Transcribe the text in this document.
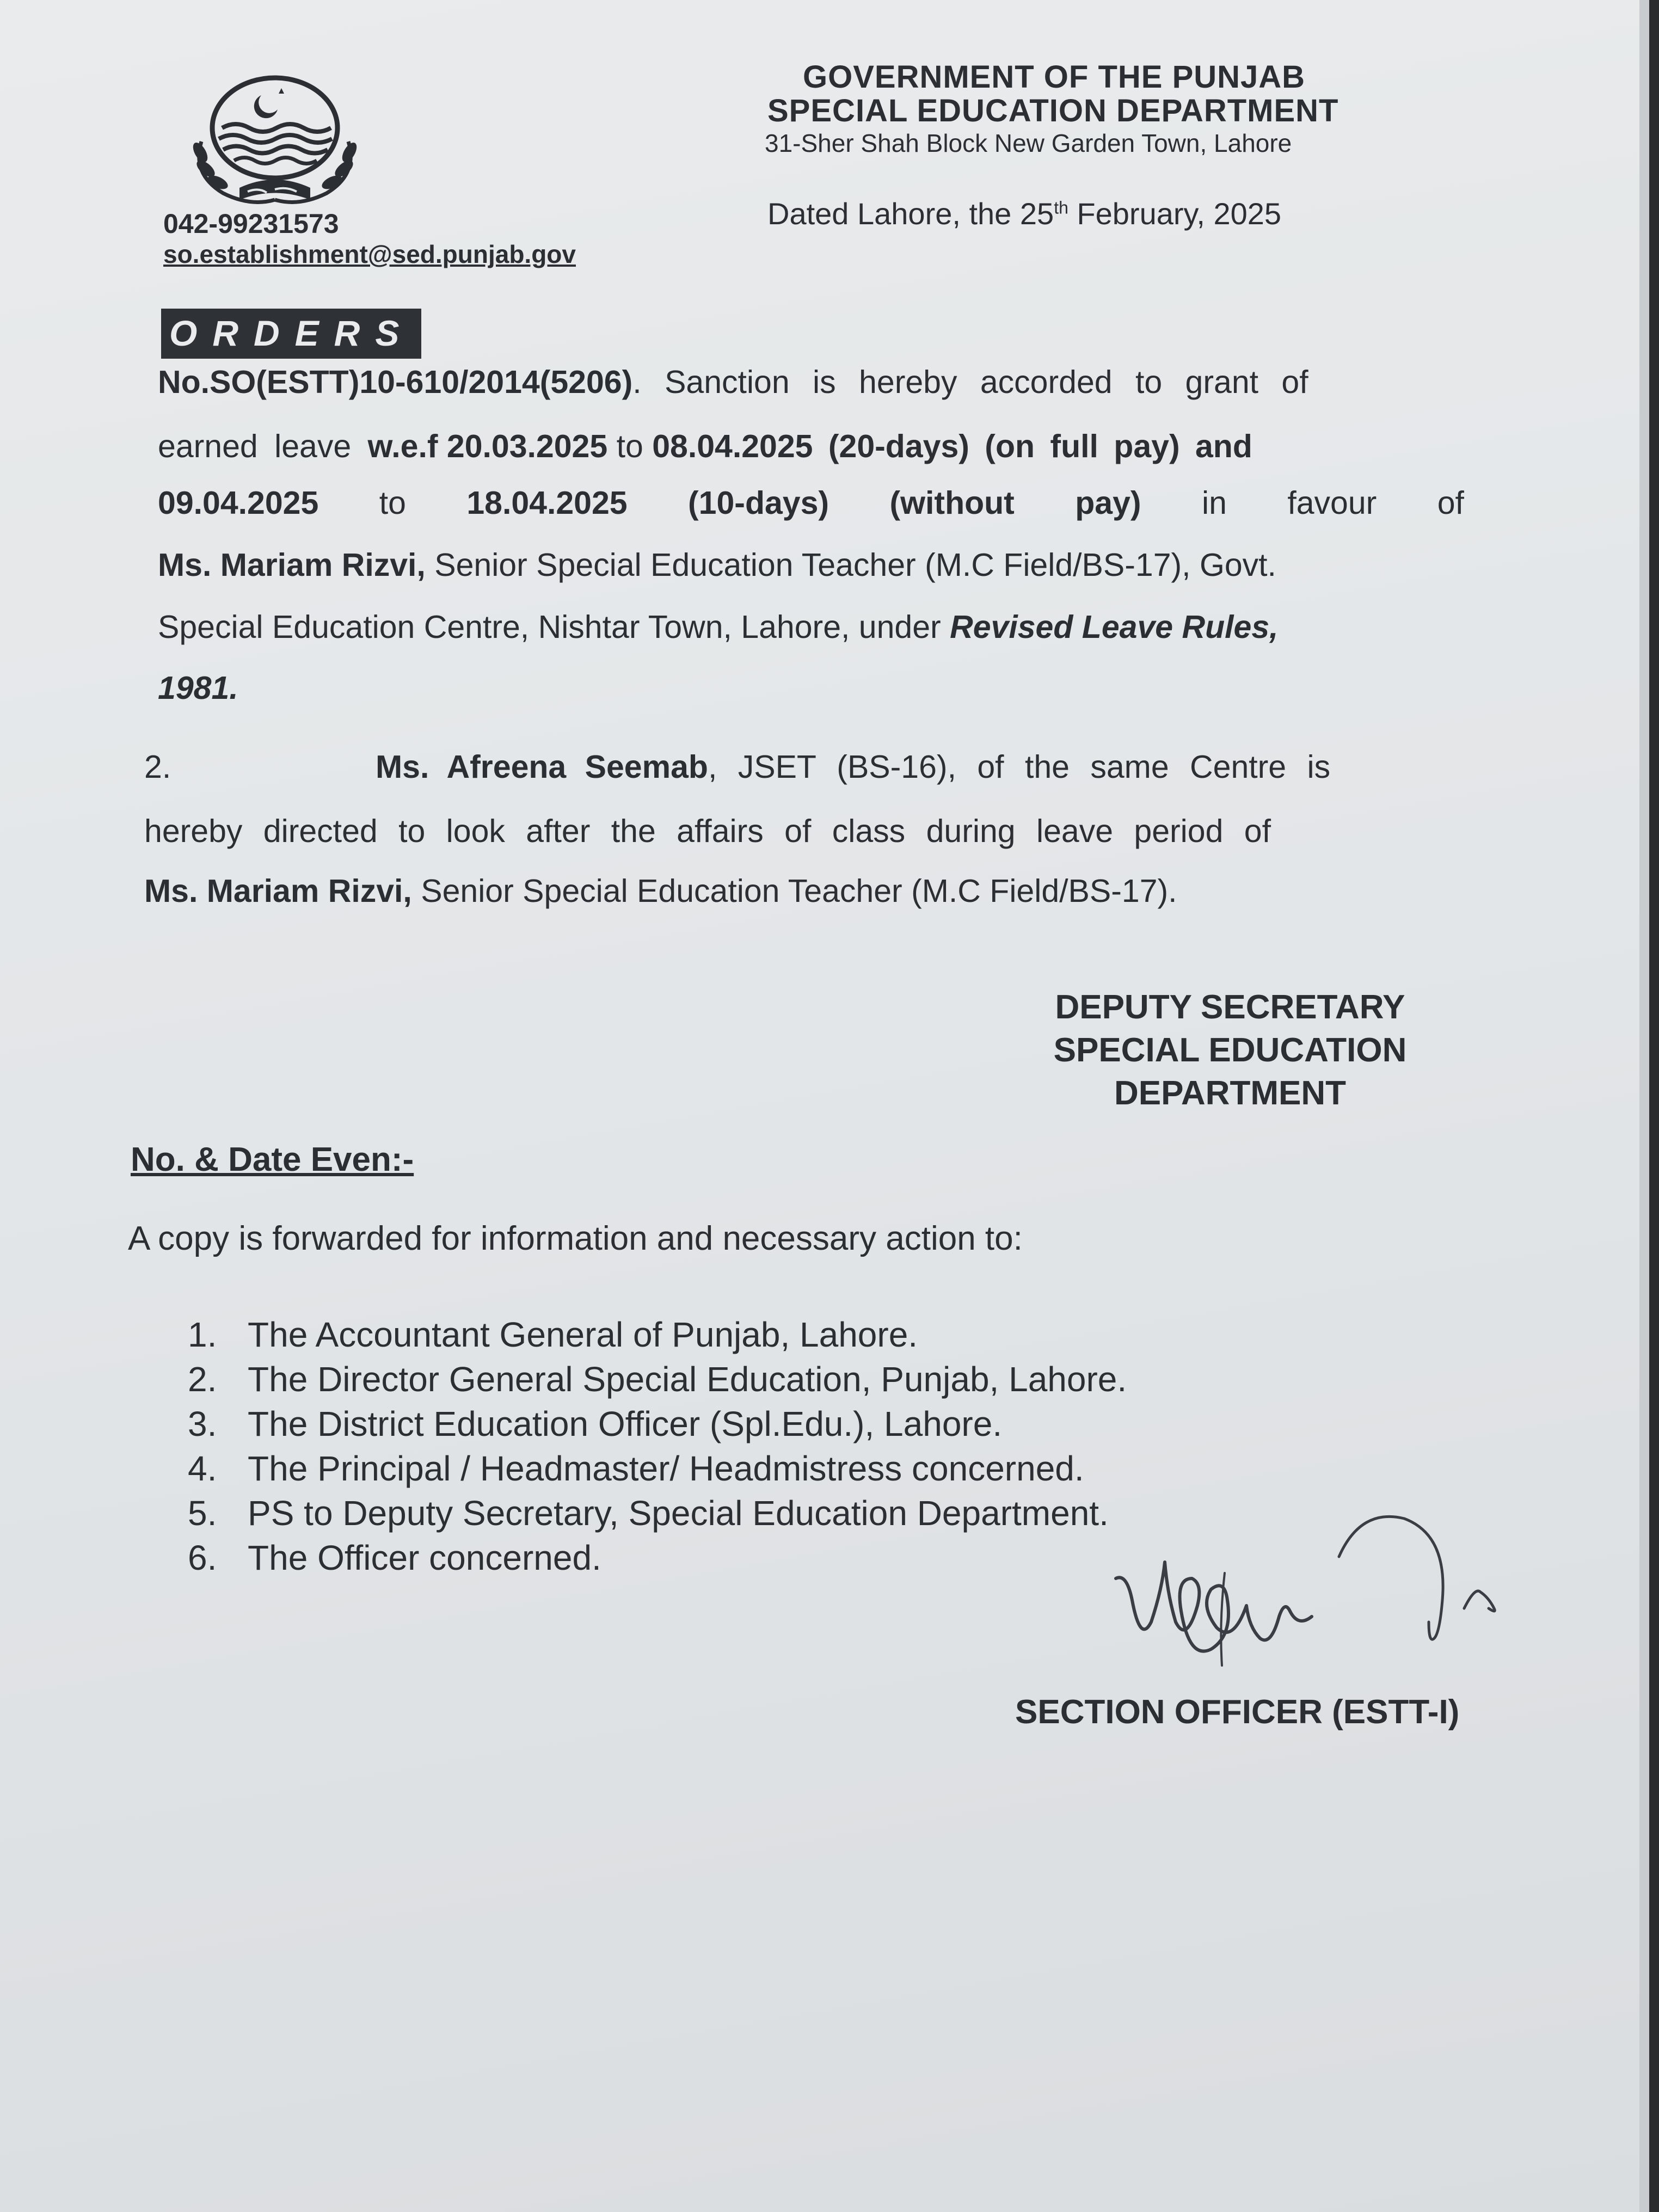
GOVERNMENT OF THE PUNJAB
SPECIAL EDUCATION DEPARTMENT
31-Sher Shah Block New Garden Town, Lahore
042-99231573
so.establishment@sed.punjab.gov
Dated Lahore, the 25th February, 2025
ORDERS
No.SO(ESTT)10-610/2014(5206). Sanction is hereby accorded to grant of
earned leave w.e.f 20.03.2025 to 08.04.2025 (20-days) (on full pay) and
09.04.2025 to 18.04.2025 (10-days) (without pay) in favour of
Ms. Mariam Rizvi, Senior Special Education Teacher (M.C Field/BS-17), Govt.
Special Education Centre, Nishtar Town, Lahore, under Revised Leave Rules,
1981.
2.	Ms. Afreena Seemab, JSET (BS-16), of the same Centre is
hereby directed to look after the affairs of class during leave period of
Ms. Mariam Rizvi, Senior Special Education Teacher (M.C Field/BS-17).
DEPUTY SECRETARY
SPECIAL EDUCATION
DEPARTMENT
No. & Date Even:-
A copy is forwarded for information and necessary action to:
1. The Accountant General of Punjab, Lahore.
2. The Director General Special Education, Punjab, Lahore.
3. The District Education Officer (Spl.Edu.), Lahore.
4. The Principal / Headmaster/ Headmistress concerned.
5. PS to Deputy Secretary, Special Education Department.
6. The Officer concerned.
SECTION OFFICER (ESTT-I)
